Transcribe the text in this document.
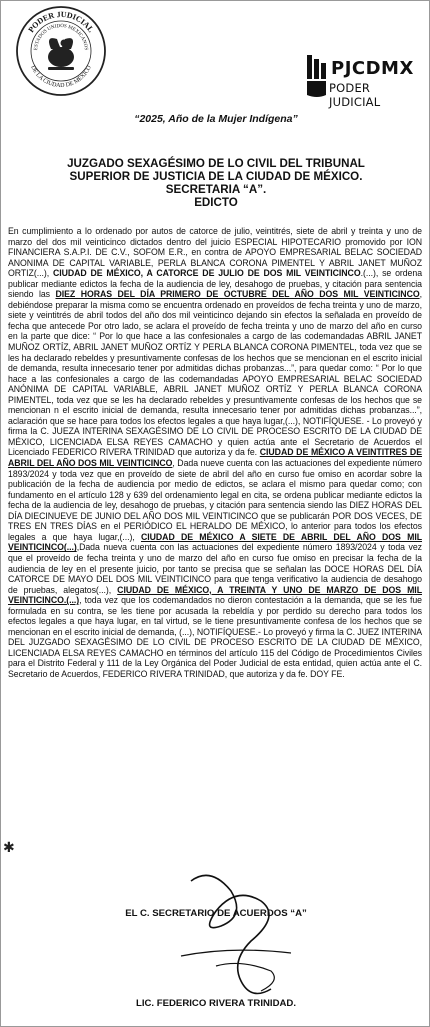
PODER JUDICIAL
ESTADOS UNIDOS MEXICANOS
DE LA CIUDAD DE MÉXICO	PJCDMX
PODER JUDICIAL
“2025, Año de la Mujer Indígena”
JUZGADO SEXAGÉSIMO DE LO CIVIL DEL TRIBUNAL
SUPERIOR DE JUSTICIA DE LA CIUDAD DE MÉXICO.
SECRETARIA “A”.
EDICTO
En cumplimiento a lo ordenado por autos de catorce de julio, veintitrés, siete de abril y treinta y uno de marzo del dos mil veinticinco dictados dentro del juicio ESPECIAL HIPOTECARIO promovido por ION FINANCIERA S.A.P.I. DE C.V., SOFOM E.R., en contra de APOYO EMPRESARIAL BELAC SOCIEDAD ANONIMA DE CAPITAL VARIABLE, PERLA BLANCA CORONA PIMENTEL Y ABRIL JANET MUÑOZ ORTIZ(...), CIUDAD DE MÉXICO, A CATORCE DE JULIO DE DOS MIL VEINTICINCO.(...), se ordena publicar mediante edictos la fecha de la audiencia de ley, desahogo de pruebas, y citación para sentencia siendo las DIEZ HORAS DEL DÍA PRIMERO DE OCTUBRE DEL AÑO DOS MIL VEINTICINCO, debiéndose preparar la misma como se encuentra ordenado en proveídos de fecha treinta y uno de marzo, siete y veintitrés de abril todos del año dos mil veinticinco dejando sin efectos la señalada en proveído de fecha que antecede Por otro lado, se aclara el proveído de fecha treinta y uno de marzo del año en curso en la parte que dice: “ Por lo que hace a las confesionales a cargo de las codemandadas ABRIL JANET MUÑOZ ORTÍZ, ABRIL JANET MUÑOZ ORTÍZ Y PERLA BLANCA CORONA PIMENTEL, toda vez que se les ha declarado rebeldes y presuntivamente confesas de los hechos que se mencionan en el escrito inicial de demanda, resulta innecesario tener por admitidas dichas probanzas...”, para quedar como: “ Por lo que hace a las confesionales a cargo de las codemandadas APOYO EMPRESARIAL BELAC SOCIEDAD ANÓNIMA DE CAPITAL VARIABLE, ABRIL JANET MUÑOZ ORTÍZ Y PERLA BLANCA CORONA PIMENTEL, toda vez que se les ha declarado rebeldes y presuntivamente confesas de los hechos que se mencionan n el escrito inicial de demanda, resulta innecesario tener por admitidas dichas probanzas...”, aclaración que se hace para todos los efectos legales a que haya lugar,(...), NOTIFÍQUESE. - Lo proveyó y firma la C. JUEZA INTERINA SEXAGÉSIMO DE LO CIVIL DE PROCESO ESCRITO DE LA CIUDAD DE MÉXICO, LICENCIADA ELSA REYES CAMACHO y quien actúa ante el Secretario de Acuerdos el Licenciado FEDERICO RIVERA TRINIDAD que autoriza y da fe. CIUDAD DE MÉXICO A VEINTITRES DE ABRIL DEL AÑO DOS MIL VEINTICINCO, Dada nueve cuenta con las actuaciones del expediente número 1893/2024 y toda vez que en proveído de siete de abril del año en curso fue omiso en acordar sobre la publicación de la fecha de audiencia por medio de edictos, se aclara el mismo para quedar como; con fundamento en el artículo 128 y 639 del ordenamiento legal en cita, se ordena publicar mediante edictos la fecha de la audiencia de ley, desahogo de pruebas, y citación para sentencia siendo las DIEZ HORAS DEL DÍA DIECINUEVE DE JUNIO DEL AÑO DOS MIL VEINTICINCO que se publicarán POR DOS VECES, DE TRES EN TRES DÍAS en el PERIÓDICO EL HERALDO DE MÉXICO, lo anterior para todos los efectos legales a que haya lugar,(...), CIUDAD DE MÉXICO A SIETE DE ABRIL DEL AÑO DOS MIL VEINTICINCO(...),Dada nueva cuenta con las actuaciones del expediente número 1893/2024 y toda vez que el proveído de fecha treinta y uno de marzo del año en curso fue omiso en precisar la fecha de la audiencia de ley en el presente juicio, por tanto se precisa que se señalan las DOCE HORAS DEL DÍA CATORCE DE MAYO DEL DOS MIL VEINTICINCO para que tenga verificativo la audiencia de desahogo de pruebas, alegatos(...), CIUDAD DE MÉXICO, A TREINTA Y UNO DE MARZO DE DOS MIL VEINTICINCO.(...), toda vez que los codemandados no dieron contestación a la demanda, que se les fue formulada en su contra, se les tiene por acusada la rebeldía y por perdido su derecho para todos los efectos legales a que haya lugar, en tal virtud, se le tiene presuntivamente confesa de los hechos que se mencionan en el escrito inicial de demanda, (...), NOTIFÍQUESE.- Lo proveyó y firma la C. JUEZ INTERINA DEL JUZGADO SEXAGÉSIMO DE LO CIVIL DE PROCESO ESCRITO DE LA CIUDAD DE MÉXICO, LICENCIADA ELSA REYES CAMACHO en términos del artículo 115 del Código de Procedimientos Civiles para el Distrito Federal y 111 de la Ley Orgánica del Poder Judicial de esta entidad, quien actúa ante el C. Secretario de Acuerdos, FEDERICO RIVERA TRINIDAD, que autoriza y da fe. DOY FE.
✱
EL C. SECRETARIO DE ACUERDOS “A”
LIC. FEDERICO RIVERA TRINIDAD.
